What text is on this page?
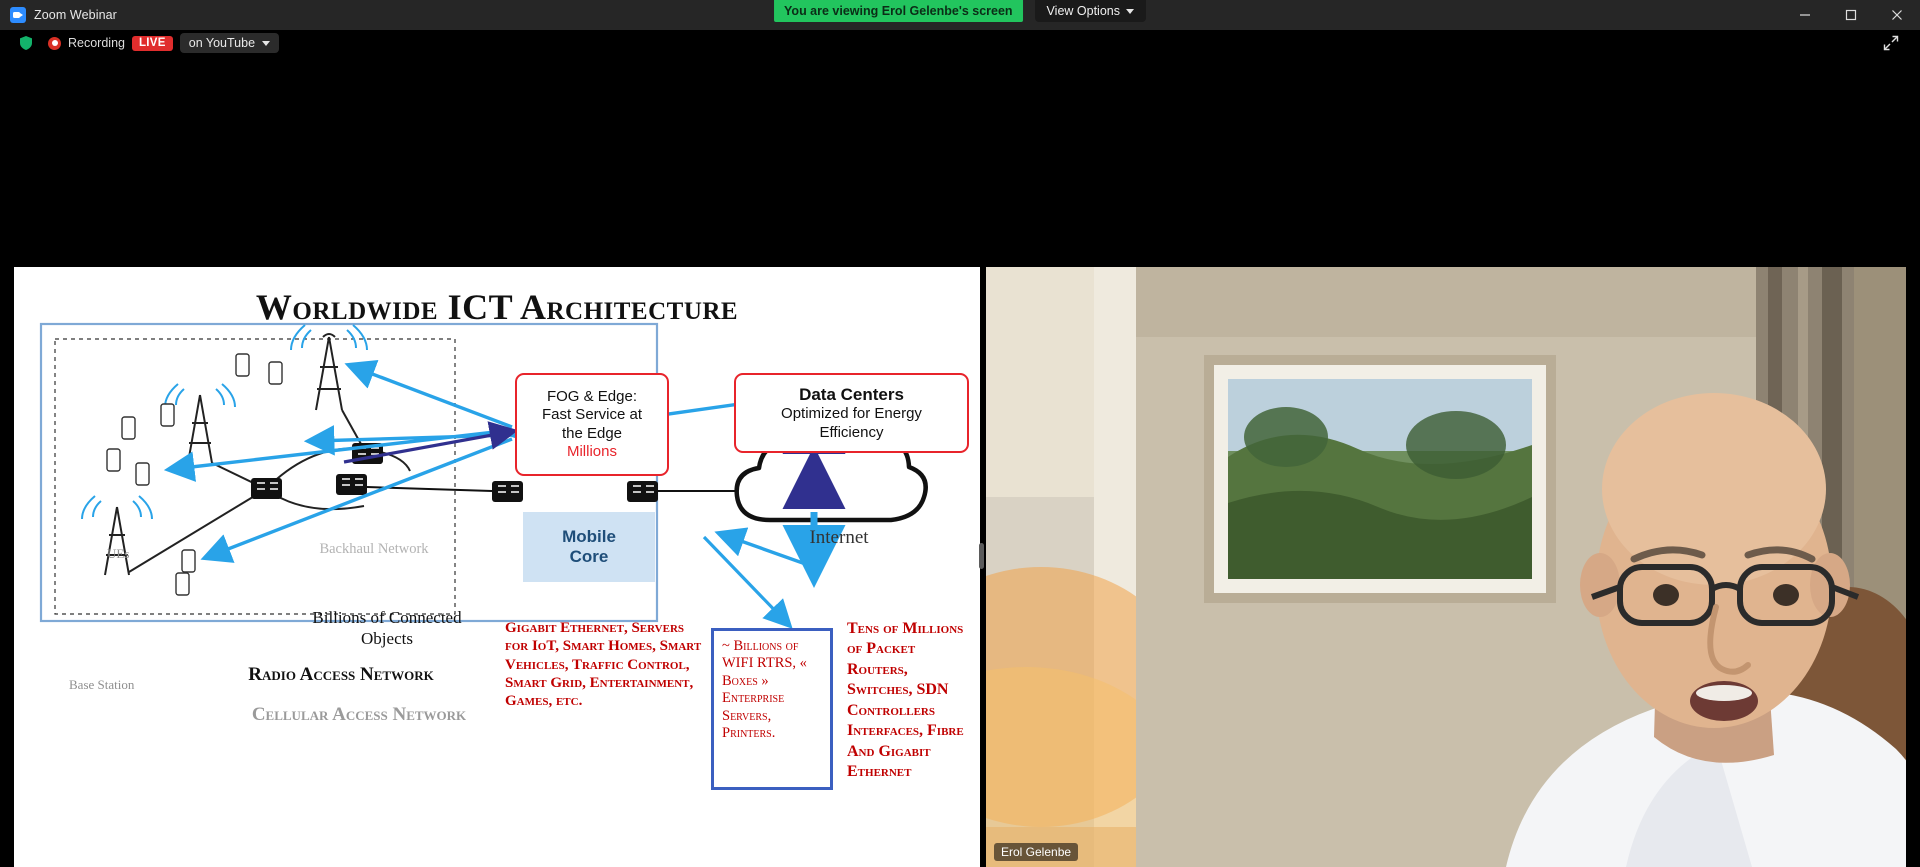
Zoom Webinar	You are viewing Erol Gelenbe's screen	View Options
Recording	LIVE	on YouTube
Worldwide ICT Architecture
FOG & Edge:
Fast Service at
the Edge
Millions
Data Centers
Optimized for Energy
Efficiency
Mobile
Core
~ Billions of WIFI RTRS, « Boxes » Enterprise Servers, Printers.
Gigabit Ethernet, Servers for IoT, Smart Homes, Smart Vehicles, Traffic Control, Smart Grid, Entertainment, Games, etc.
Tens of Millions of Packet Routers, Switches, SDN Controllers Interfaces, Fibre And Gigabit Ethernet
Internet
Billions of Connected
Objects
Radio Access Network
Cellular Access Network
Backhaul Network
Base Station
UEs
Erol Gelenbe
